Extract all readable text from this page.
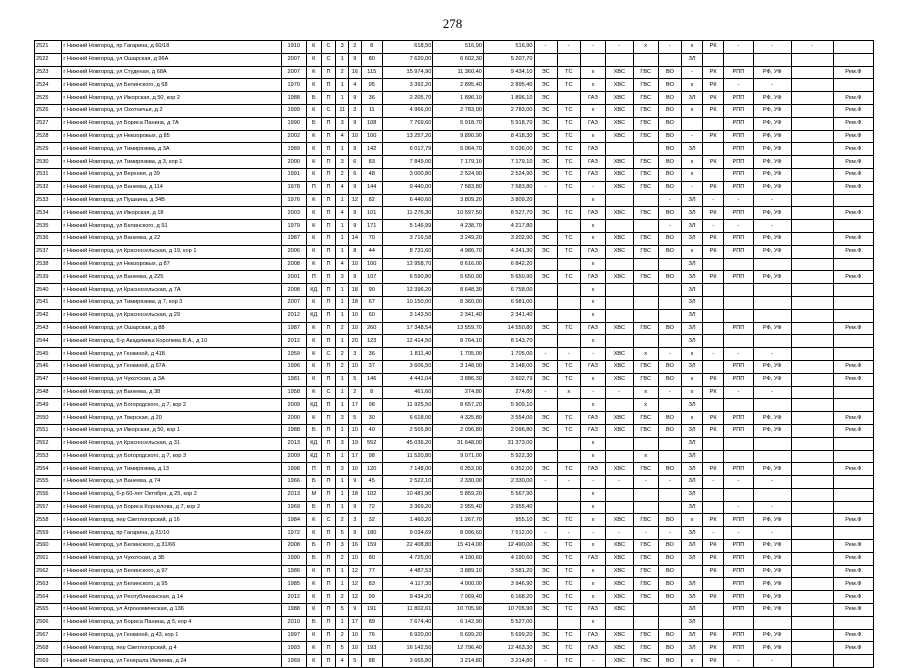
278
2521	г Нижний Новгород, пр Гагарина, д 60/18	1910	К	С	3	2	8	618,50	516,90	516,90	-	-	-	-	х	-	х	РК	-	-	-	
2522	г Нижний Новгород, ул Ошарская, д 96А	2007	К	С	1	9	80	7 620,00	6 602,30	5 207,70							ЗЛ					
2523	г Нижний Новгород, ул Студеная, д 68А	2007	К	П	2	16	115	15 974,90	11 360,40	9 434,10	ЭС	ТС	х	ХВС	ГВС	ВО	-	РК	РПП	РФ, УФ		Рем.Ф
2524	г Нижний Новгород, ул Белинского, д 68	1970	К	П	1	4	95	3 392,20	2 895,40	2 895,40	ЭС	ТС	х	ХВС	ГВС	ВО	х	РК	-	-		
2525	г Нижний Новгород, ул Ижорская, д 50, кор 2	1988	Б	П	1	9	36	2 205,70	1 896,10	1 896,10	ЭС		ГАЗ	ХВС	ГВС	ВО	ЗЛ	РК	РПП	РФ, УФ		Рем.Ф
2526	г Нижний Новгород, ул Охотничья, д 2	1999	К	С	11	3	11	4 966,00	2 783,00	2 783,00	ЭС	ТС	х	ХВС	ГВС	ВО	х	РК	РПП	РФ, УФ		Рем.Ф
2527	г Нижний Новгород, ул Бориса Панина, д 7А	1990	Б	П	3	9	108	7 769,60	5 918,70	5 918,70	ЭС	ТС	ГАЗ	ХВС	ГВС	ВО			РПП	РФ, УФ		Рем.Ф
2528	г Нижний Новгород, ул Невзоровых, д 85	2002	К	П	4	10	100	13 257,20	9 890,90	8 418,30	ЭС	ТС	х	ХВС	ГВС	ВО	-	РК	РПП	РФ, УФ		Рем.Ф
2529	г Нижний Новгород, ул Тимирязева, д 3А	1989	К	П	1	9	142	6 017,79	5 064,70	5 036,00	ЭС	ТС	ГАЗ			ВО	ЗЛ		РПП	РФ, УФ		Рем.Ф
2530	г Нижний Новгород, ул Тимирязева, д 3, кор 1	2000	К	П	3	6	83	7 849,00	7 179,10	7 179,10	ЭС	ТС	ГАЗ	ХВС	ГВС	ВО	х	РК	РПП	РФ, УФ		Рем.Ф
2531	г Нижний Новгород, ул Верхняя, д 39	1991	К	П	2	6	48	3 000,80	2 524,90	2 524,90	ЭС	ТС	ГАЗ	ХВС	ГВС	ВО	х		РПП	РФ, УФ		Рем.Ф
2532	г Нижний Новгород, ул Ванеева, д 114	1978	П	П	4	9	144	9 440,00	7 583,80	7 583,80	-	ТС	-	ХВС	ГВС	ВО	-	РК	РПП	РФ, УФ		Рем.Ф
2533	г Нижний Новгород, ул Пушкина, д 34В	1976	К	П	1	12	82	6 440,60	3 809,20	3 809,20			х			-	ЗЛ	-	-	-		
2534	г Нижний Новгород, ул Ижорская, д 18	2003	К	П	4	9	101	11 276,30	10 597,50	8 527,70	ЭС	ТС	ГАЗ	ХВС	ГВС	ВО	ЗЛ	РК	РПП	РФ, УФ		Рем.Ф
2535	г Нижний Новгород, ул Белинского, д 91	1979	К	П	1	9	171	5 146,99	4 238,70	4 217,80			х			-	ЗЛ	-	-	-		
2536	г Нижний Новгород, ул Ванеева, д 22	1987	К	П	1	14	70	3 716,58	3 249,20	3 202,90	ЭС	ТС	х	ХВС	ГВС	ВО	ЗЛ	РК	РПП	РФ, УФ		Рем.Ф
2537	г Нижний Новгород, ул Красносельская, д 19, кор 1	2006	К	П	1	8	44	8 731,60	4 986,70	4 241,30	ЭС	ТС	ГАЗ	ХВС	ГВС	ВО	х	РК	РПП	РФ, УФ		Рем.Ф
2538	г Нижний Новгород, ул Невзоровых, д 87	2008	К	П	4	10	100	12 958,70	8 616,00	6 842,20			х				ЗЛ					
2539	г Нижний Новгород, ул Ванеева, д 225	2001	П	П	3	9	107	6 590,80	5 650,90	5 650,90	ЭС	ТС	ГАЗ	ХВС	ГВС	ВО	ЗЛ	РК	РПП	РФ, УФ		Рем.Ф
2540	г Нижний Новгород, ул Красносельская, д 7А	2008	КД	П	1	18	90	12 396,20	8 648,30	6 758,00			х				ЗЛ					
2541	г Нижний Новгород, ул Тимирязева, д 7, кор 3	2007	К	П	1	18	67	10 150,00	8 360,00	6 981,00			х				ЗЛ					
2542	г Нижний Новгород, ул Красносельская, д 29	2012	КД	П	1	10	60	3 143,50	2 341,40	2 341,40			х				ЗЛ					
2543	г Нижний Новгород, ул Ошарская, д 88	1987	К	П	2	10	260	17 348,54	13 559,70	14 550,80	ЭС	ТС	ГАЗ	ХВС	ГВС	ВО	ЗЛ		РПП	РФ, УФ		Рем.Ф
2544	г Нижний Новгород, б-р Академика Королева Б.А., д 10	2012	К	П	1	20	123	12 414,50	8 764,10	8 143,70			х				ЗЛ					
2545	г Нижний Новгород, ул Генкиной, д 41Б	1959	К	С	2	3	36	1 811,40	1 705,00	1 705,00	-	-	-	ХВС	х	-	х	-	-	-		
2546	г Нижний Новгород, ул Генкиной, д 67А	1996	К	П	2	10	37	3 606,50	3 148,00	3 148,00	ЭС	ТС	ГАЗ	ХВС	ГВС	ВО	ЗЛ		РПП	РФ, УФ		Рем.Ф
2547	г Нижний Новгород, ул Чукотская, д 3А	1981	К	П	1	5	146	4 441,04	3 886,30	3 602,79	ЭС	ТС	х	ХВС	ГВС	ВО	х	РК	РПП	РФ, УФ		Рем.Ф
2548	г Нижний Новгород, ул Ванеева, д 38	1958	К	С	1	2	8	461,60	274,80	274,80	-	х	-	-	х	-	х	РК	-	-		
2549	г Нижний Новгород, ул Богородского, д 7, кор 2	2009	КД	П	1	17	98	11 925,50	8 657,20	5 909,10			х		х		ЗЛ					
2550	г Нижний Новгород, ул Тверская, д 20	2000	К	П	3	5	30	6 618,00	4 325,80	3 554,00	ЭС	ТС	ГАЗ	ХВС	ГВС	ВО	х	РК	РПП	РФ, УФ		Рем.Ф
2551	г Нижний Новгород, ул Ижорская, д 50, кор 1	1988	Б	П	1	10	40	2 565,80	2 096,80	2 096,80	ЭС	ТС	ГАЗ	ХВС	ГВС	ВО	ЗЛ	РК	РПП	РФ, УФ		Рем.Ф
2552	г Нижний Новгород, ул Красносельская, д 31	2013	КД	П	3	19	552	45 036,20	31 648,00	31 373,00			х				ЗЛ					
2553	г Нижний Новгород, ул Богородского, д 7, кор 3	2009	КД	П	1	17	98	11 520,80	9 071,00	5 922,30			х		х		ЗЛ					
2554	г Нижний Новгород, ул Тимирязева, д 13	1998	П	П	3	10	120	7 148,00	6 352,00	6 352,00	ЭС	ТС	ГАЗ	ХВС	ГВС	ВО	ЗЛ	РК	РПП	РФ, УФ		Рем.Ф
2555	г Нижний Новгород, ул Ванеева, д 74	1966	Б	П	1	9	45	2 522,10	2 330,00	2 330,00	-	-	-	-	-	-	ЗЛ	-	-	-		
2556	г Нижний Новгород, б-р 60-лет Октября, д 25, кор 2	2013	М	П	1	18	102	10 481,90	5 859,20	5 567,90			х				ЗЛ					
2557	г Нижний Новгород, ул Бориса Корнилова, д 7, кор 2	1969	Б	П	1	9	72	3 369,20	2 955,40	2 955,40			х				ЗЛ		-	-		
2558	г Нижний Новгород, пер Светлогорский, д 16	1984	К	С	2	3	32	1 460,20	1 267,70	955,10	ЭС	ТС	х	ХВС	ГВС	ВО	х	РК	РПП	РФ, УФ		Рем.Ф
2559	г Нижний Новгород, пр Гагарина, д 21/10	1972	К	П	5	9	180	9 034,69	8 096,60	7 512,00	-	-	-	-	-	-	ЗЛ	-	-	-		
2560	г Нижний Новгород, ул Белинского, д 31/66	2008	Б	П	3	16	159	22 408,80	15 414,00	12 490,00	ЭС	ТС	х	ХВС	ГВС	ВО	ЗЛ	РК	РПП	РФ, УФ		Рем.Ф
2561	г Нижний Новгород, ул Чукотская, д 3Б	1990	Б	П	2	10	80	4 725,00	4 190,60	4 190,60	ЭС	ТС	ГАЗ	ХВС	ГВС	ВО	ЗЛ	РК	РПП	РФ, УФ		Рем.Ф
2562	г Нижний Новгород, ул Белинского, д 97	1986	К	П	1	12	77	4 487,53	3 889,10	3 581,20	ЭС	ТС	х	ХВС	ГВС	ВО		РК	РПП	РФ, УФ		Рем.Ф
2563	г Нижний Новгород, ул Белинского, д 95	1985	К	П	1	12	83	4 117,30	4 000,00	3 946,90	ЭС	ТС	х	ХВС	ГВС	ВО	ЗЛ		РПП	РФ, УФ		Рем.Ф
2564	г Нижний Новгород, ул Республиканская, д 14	2012	К	П	2	12	99	9 434,20	7 069,40	6 168,20	ЭС	ТС	х	ХВС	ГВС	ВО	ЗЛ	РК	РПП	РФ, УФ		Рем.Ф
2565	г Нижний Новгород, ул Агрономическая, д 136	1988	К	П	5	9	191	11 802,61	10 705,90	10 705,90	ЭС	ТС	ГАЗ	ХВС			ЗЛ		РПП	РФ, УФ		Рем.Ф
2566	г Нижний Новгород, ул Бориса Панина, д 5, кор 4	2010	Б	П	1	17	89	7 674,40	6 142,90	5 527,00			х				ЗЛ					
2567	г Нижний Новгород, ул Генкиной, д 43, кор 1	1997	К	П	2	10	76	6 920,00	5 699,20	5 699,20	ЭС	ТС	ГАЗ	ХВС	ГВС	ВО	ЗЛ	РК	РПП	РФ, УФ		Рем.Ф
2568	г Нижний Новгород, пер Светлогорский, д 4	1993	К	П	5	10	193	16 142,50	12 796,40	12 463,30	ЭС	ТС	ГАЗ	ХВС	ГВС	ВО	ЗЛ	РК	РПП	РФ, УФ		Рем.Ф
2569	г Нижний Новгород, ул Генерала Ивлиева, д 24	1969	К	П	4	5	88	3 665,80	3 214,80	3 214,80	-	ТС	-	ХВС	ГВС	ВО	х	РК	-	-		
